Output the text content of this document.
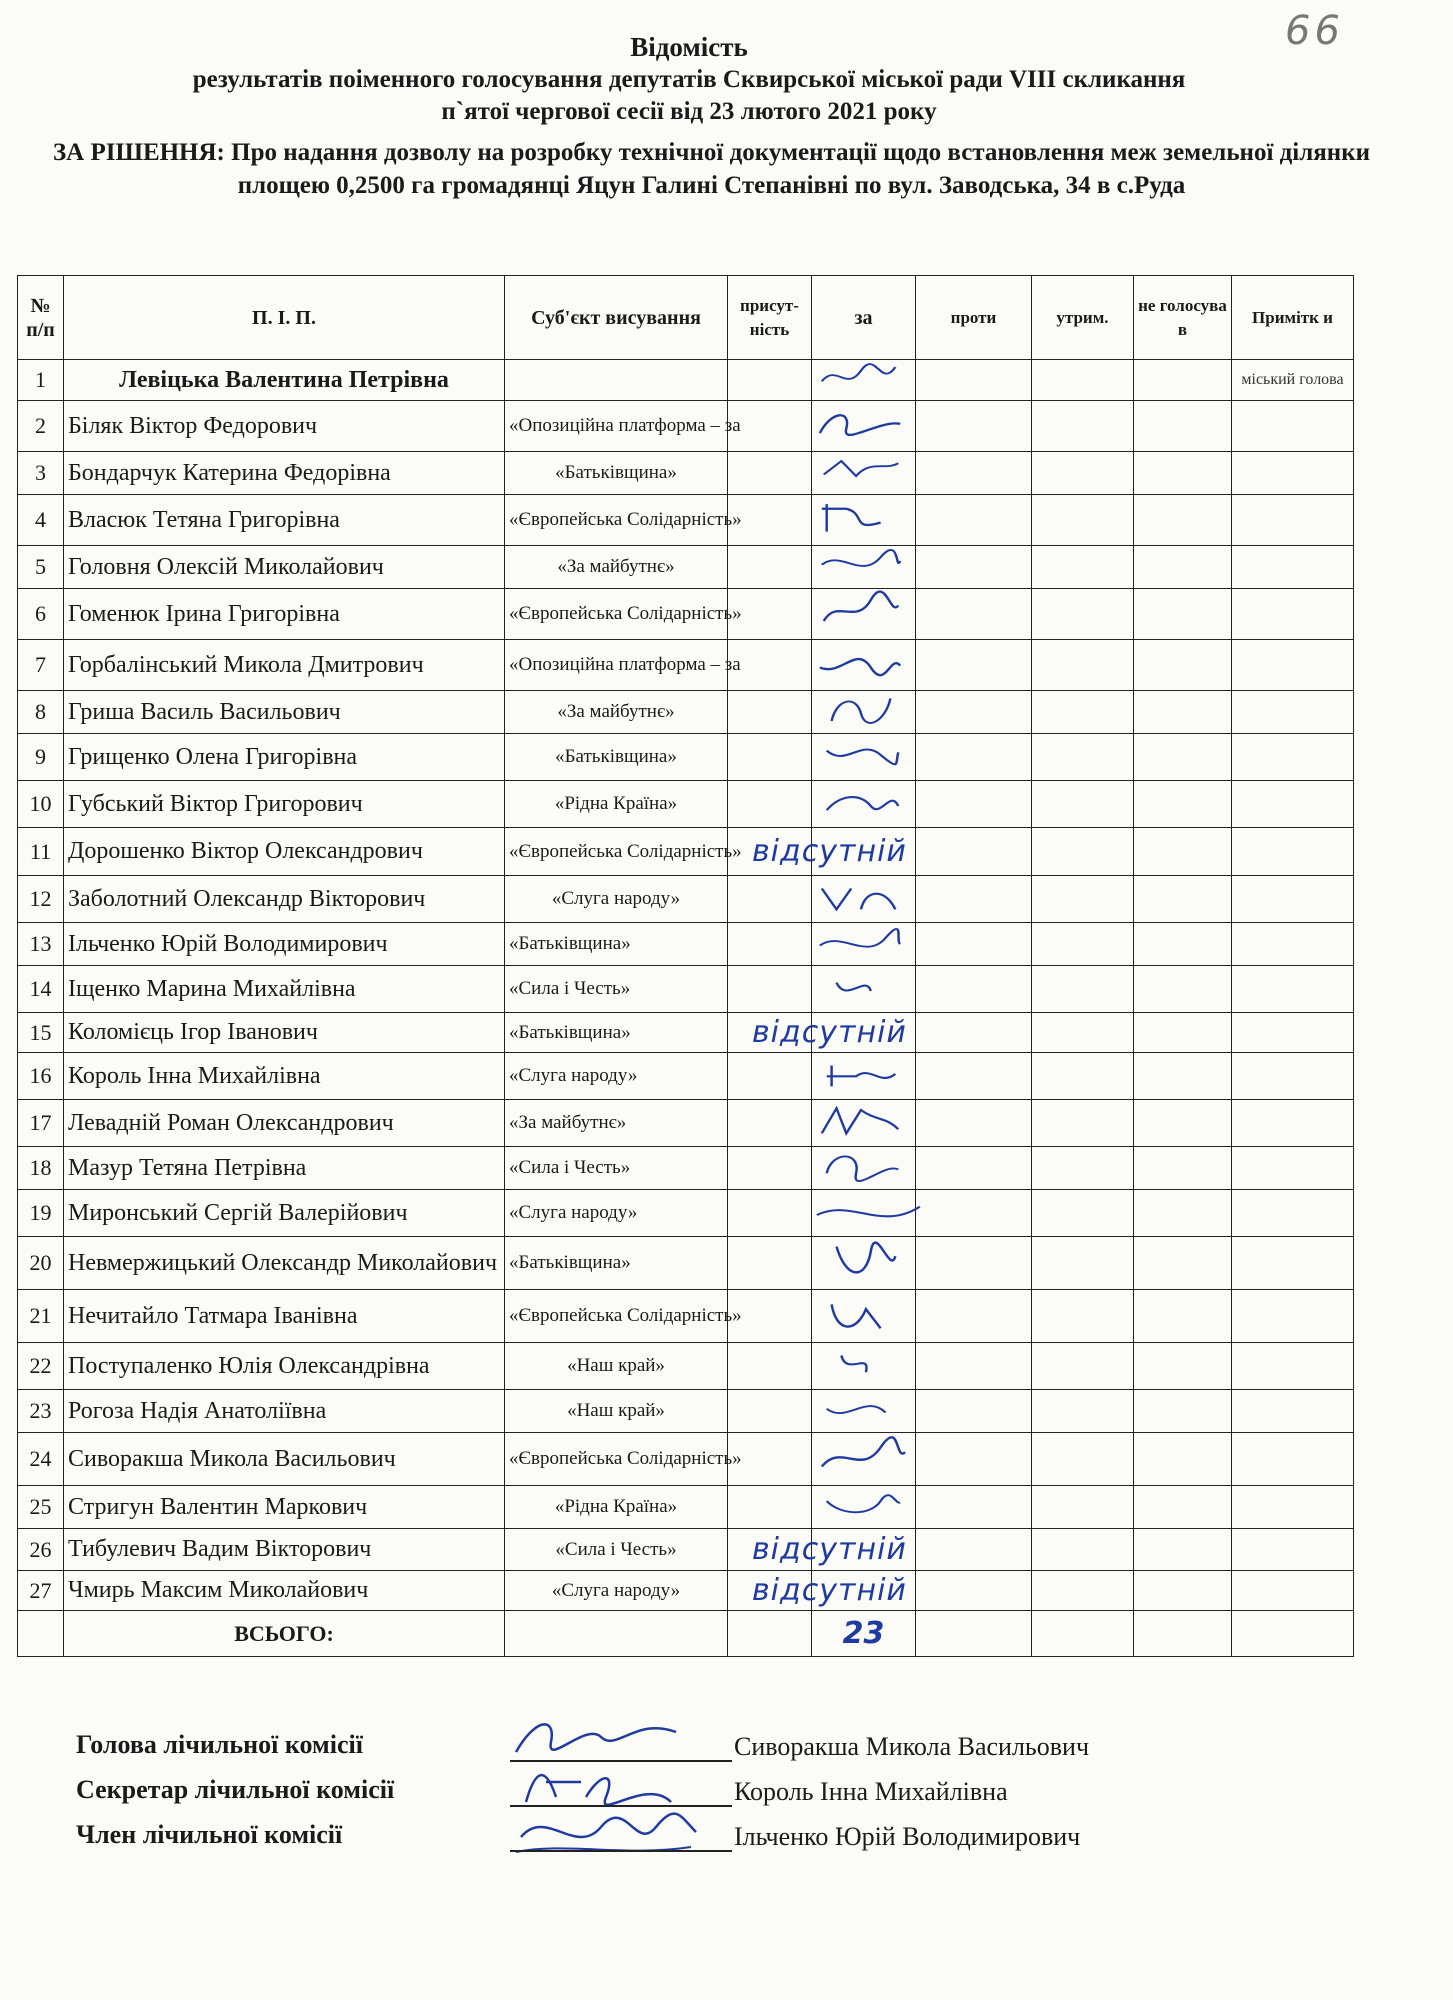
66
Відомість
результатів поіменного голосування депутатів Сквирської міської ради VIII скликання
п`ятої чергової сесії від 23 лютого 2021 року
ЗА РІШЕННЯ: Про надання дозволу на розробку технічної документації щодо встановлення меж земельної ділянки площею 0,2500 га громадянці Яцун Галині Степанівні по вул. Заводська, 34 в с.Руда
№ п/п	П. І. П.	Суб'єкт висування	присут-ність	за	проти	утрим.	не голосува в	Примітк и
1	Левіцька Валентина Петрівна							міський голова
2	Біляк Віктор Федорович	«Опозиційна платформа – за						
3	Бондарчук Катерина Федорівна	«Батьківщина»						
4	Власюк Тетяна Григорівна	«Європейська Солідарність»						
5	Головня Олексій Миколайович	«За майбутнє»						
6	Гоменюк Ірина Григорівна	«Європейська Солідарність»						
7	Горбалінський Микола Дмитрович	«Опозиційна платформа – за						
8	Гриша Василь Васильович	«За майбутнє»						
9	Грищенко Олена Григорівна	«Батьківщина»						
10	Губський Віктор Григорович	«Рідна Країна»						
11	Дорошенко Віктор Олександрович	«Європейська Солідарність»		відсутній				
12	Заболотний Олександр Вікторович	«Слуга народу»						
13	Ільченко Юрій Володимирович	«Батьківщина»						
14	Іщенко Марина Михайлівна	«Сила і Честь»						
15	Коломієць Ігор Іванович	«Батьківщина»		відсутній				
16	Король Інна Михайлівна	«Слуга народу»						
17	Левадній Роман Олександрович	«За майбутнє»						
18	Мазур Тетяна Петрівна	«Сила і Честь»						
19	Миронський Сергій Валерійович	«Слуга народу»						
20	Невмержицький Олександр Миколайович	«Батьківщина»						
21	Нечитайло Татмара Іванівна	«Європейська Солідарність»						
22	Поступаленко Юлія Олександрівна	«Наш край»						
23	Рогоза Надія Анатоліївна	«Наш край»						
24	Сиворакша Микола Васильович	«Європейська Солідарність»						
25	Стригун Валентин Маркович	«Рідна Країна»						
26	Тибулевич Вадим Вікторович	«Сила і Честь»		відсутній				
27	Чмирь Максим Миколайович	«Слуга народу»		відсутній				
	ВСЬОГО:			23				
Голова лічильної комісії	Сиворакша Микола Васильович
Секретар лічильної комісії	Король Інна Михайлівна
Член лічильної комісії	Ільченко Юрій Володимирович
